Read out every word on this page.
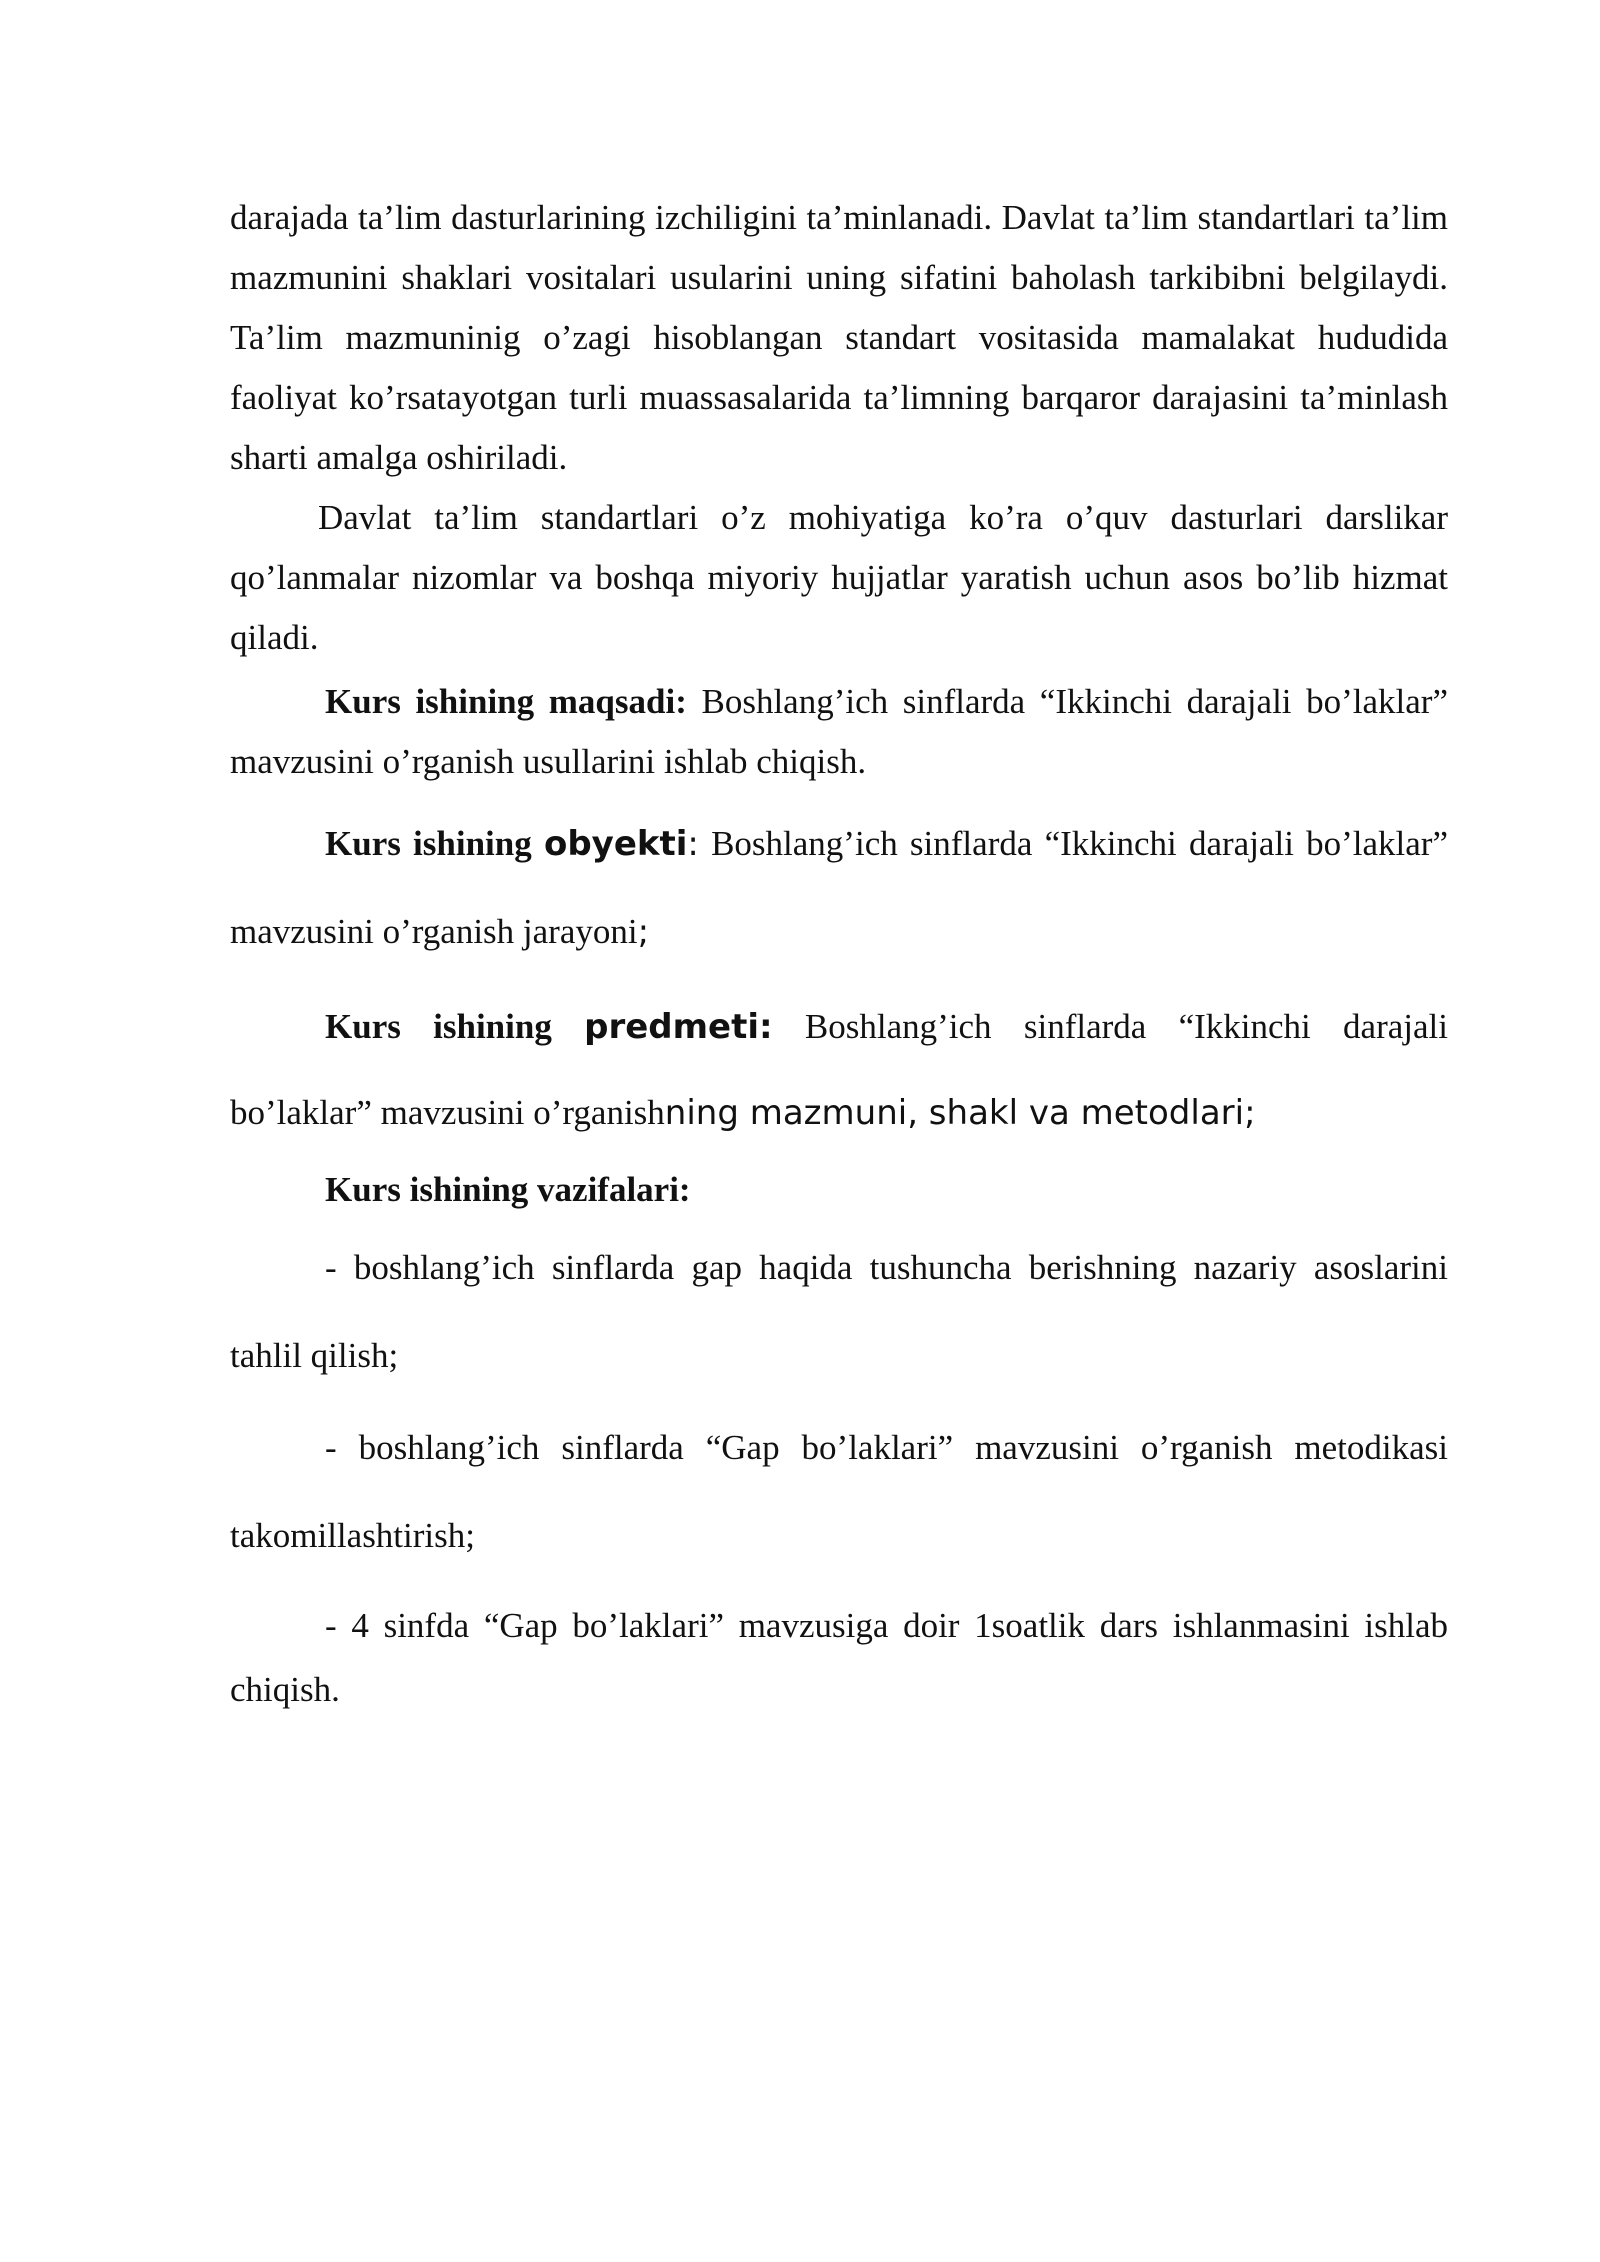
darajada ta’lim dasturlarining izchiligini ta’minlanadi. Davlat ta’lim standartlari ta’lim mazmunini shaklari vositalari usularini uning sifatini baholash tarkibibni belgilaydi. Ta’lim mazmuninig o’zagi hisoblangan standart vositasida mamalakat hududida faoliyat ko’rsatayotgan turli muassasalarida ta’limning barqaror darajasini ta’minlash sharti amalga oshiriladi.

Davlat ta’lim standartlari o’z mohiyatiga ko’ra o’quv dasturlari darslikar qo’lanmalar nizomlar va boshqa miyoriy hujjatlar yaratish uchun asos bo’lib hizmat qiladi.

Kurs ishining maqsadi: Boshlang’ich sinflarda “Ikkinchi darajali bo’laklar” mavzusini o’rganish usullarini ishlab chiqish.

Kurs ishining obyekti: Boshlang’ich sinflarda “Ikkinchi darajali bo’laklar” mavzusini o’rganish jarayoni;

Kurs ishining predmeti: Boshlang’ich sinflarda “Ikkinchi darajali bo’laklar” mavzusini o’rganishning mazmuni, shakl va metodlari;

Kurs ishining vazifalari:

- boshlang’ich sinflarda gap haqida tushuncha berishning nazariy asoslarini tahlil qilish;

- boshlang’ich sinflarda “Gap bo’laklari” mavzusini o’rganish metodikasi takomillashtirish;

- 4 sinfda “Gap bo’laklari” mavzusiga doir 1soatlik dars ishlanmasini ishlab chiqish.
